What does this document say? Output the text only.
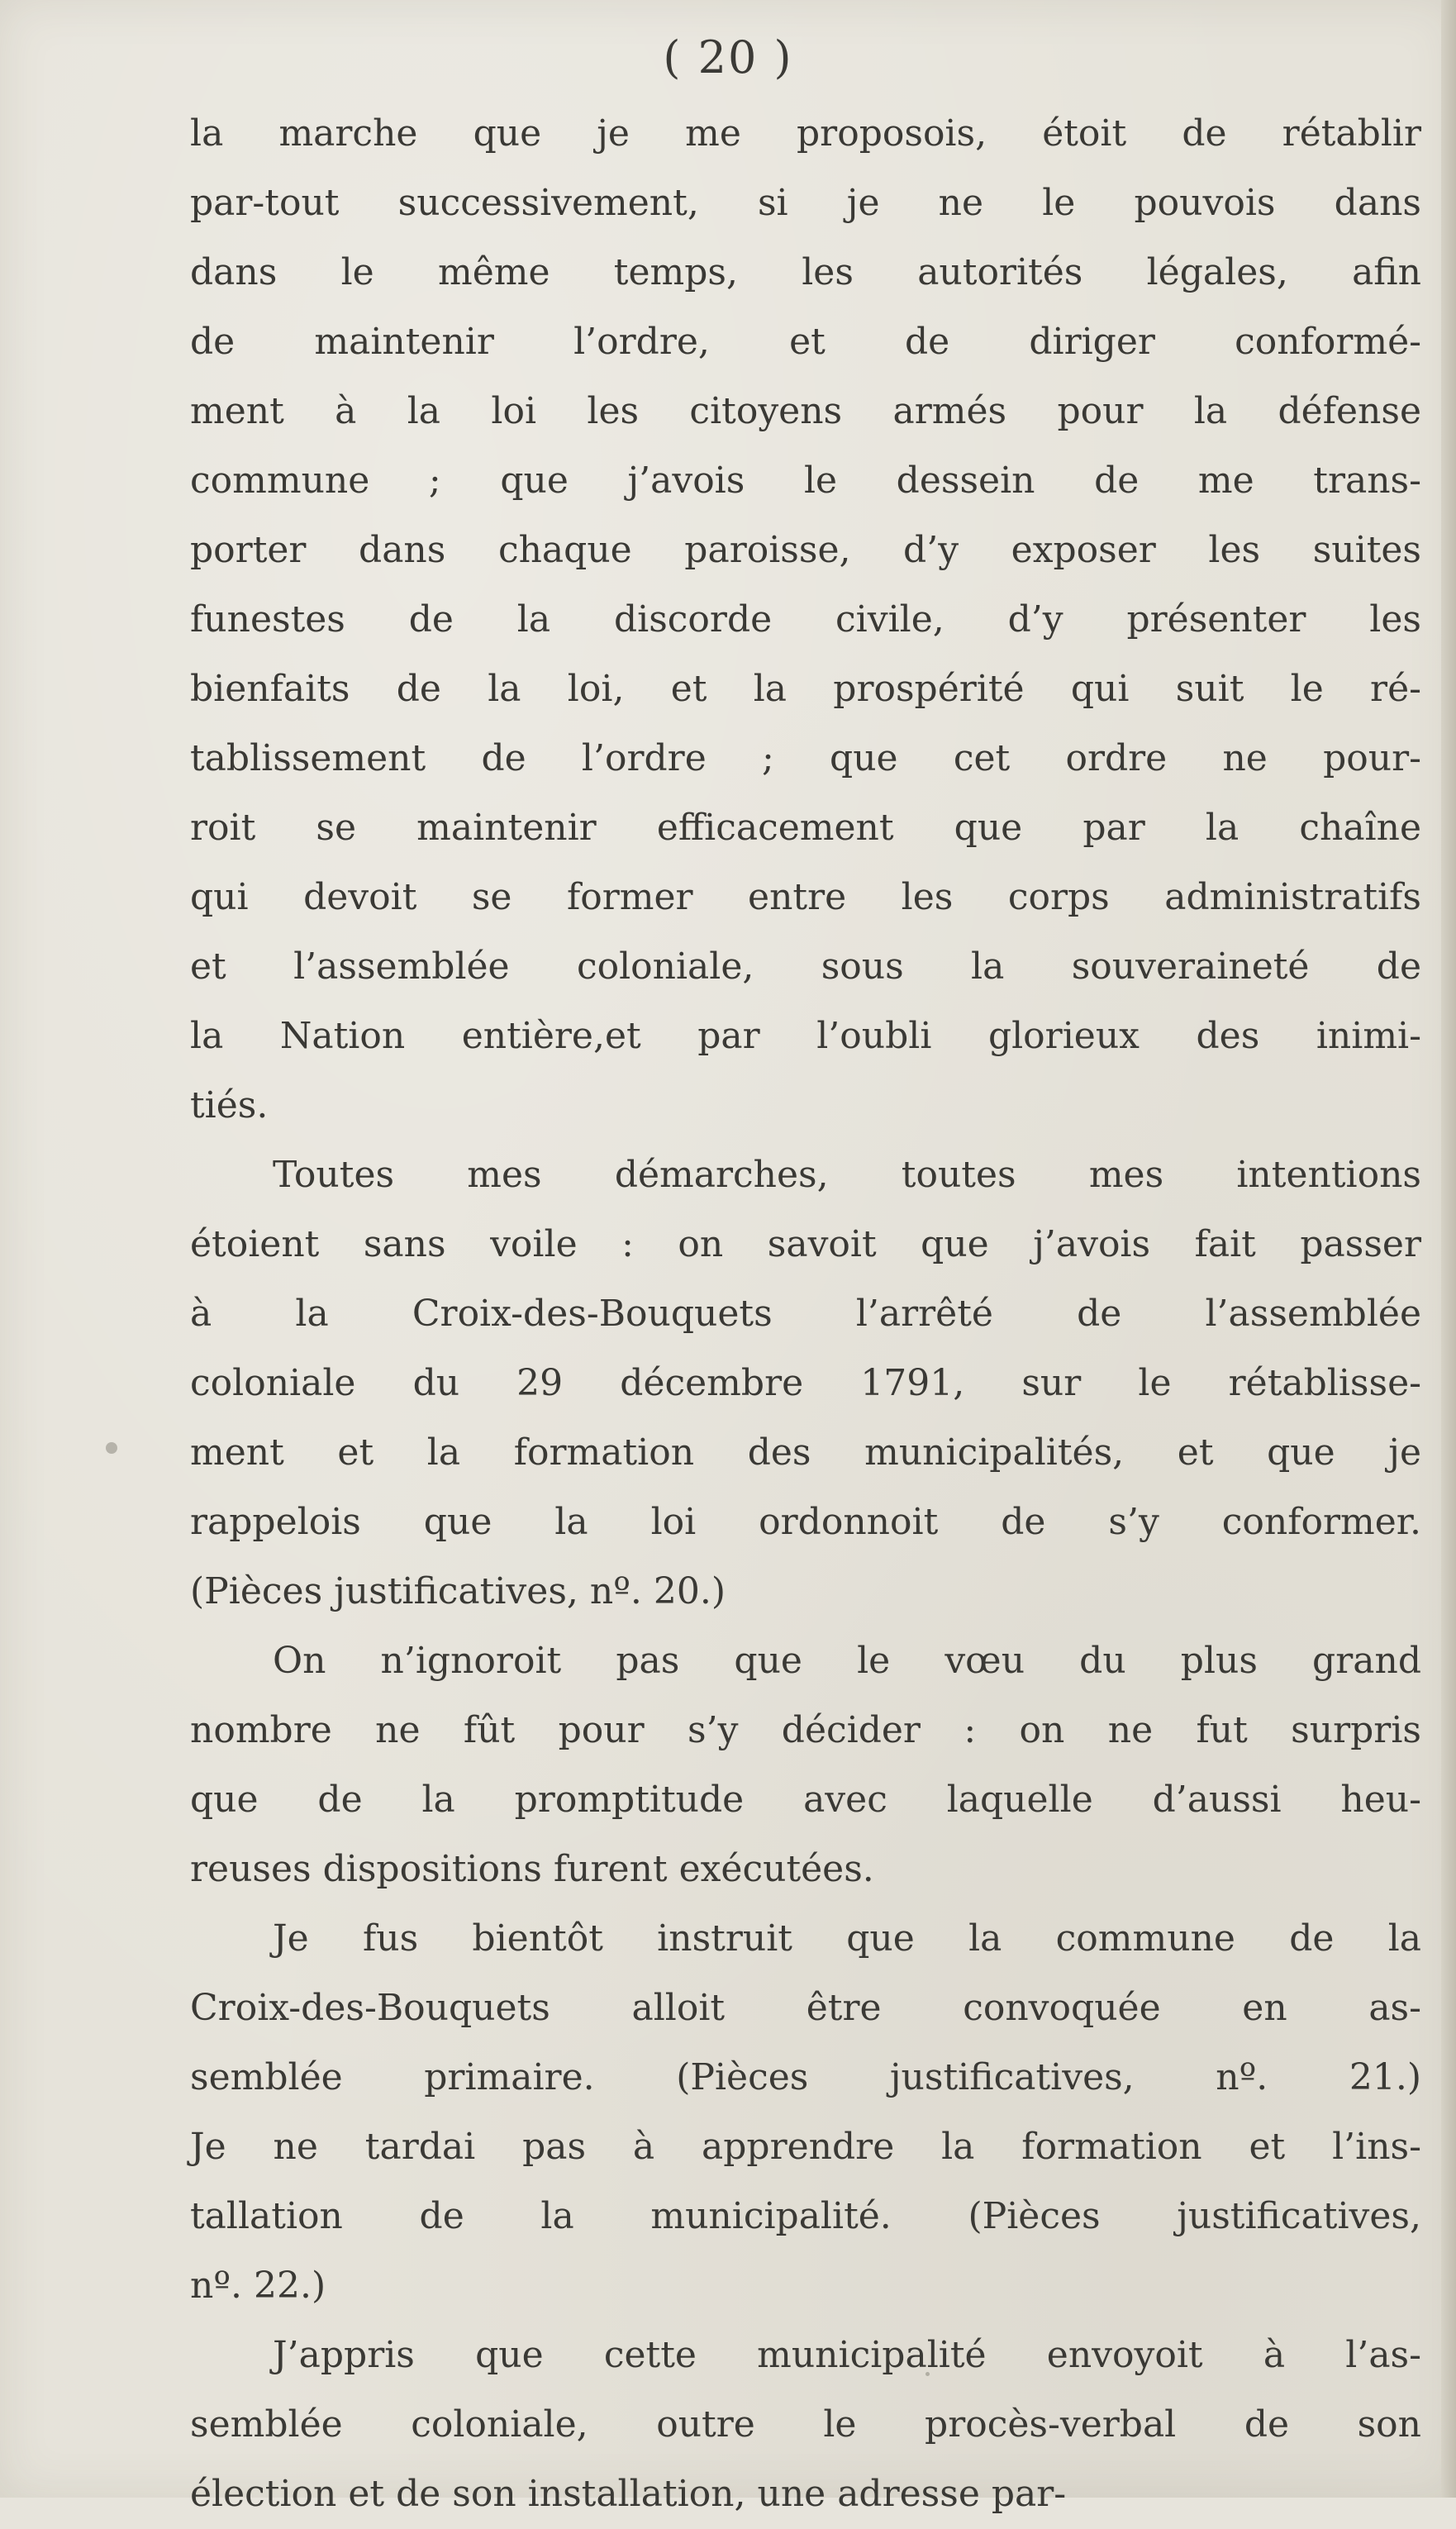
( 20 )
la marche que je me proposois, étoit de rétablir
par-tout successivement, si je ne le pouvois dans
dans le même temps, les autorités légales, afin
de maintenir l’ordre, et de diriger conformé-
ment à la loi les citoyens armés pour la défense
commune ; que j’avois le dessein de me trans-
porter dans chaque paroisse, d’y exposer les suites
funestes de la discorde civile, d’y présenter les
bienfaits de la loi, et la prospérité qui suit le ré-
tablissement de l’ordre ; que cet ordre ne pour-
roit se maintenir efficacement que par la chaîne
qui devoit se former entre les corps administratifs
et l’assemblée coloniale, sous la souveraineté de
la Nation entière,et par l’oubli glorieux des inimi-
tiés.
Toutes mes démarches, toutes mes intentions
étoient sans voile : on savoit que j’avois fait passer
à la Croix-des-Bouquets l’arrêté de l’assemblée
coloniale du 29 décembre 1791, sur le rétablisse-
ment et la formation des municipalités, et que je
rappelois que la loi ordonnoit de s’y conformer.
(Pièces justificatives, nº. 20.)
On n’ignoroit pas que le vœu du plus grand
nombre ne fût pour s’y décider : on ne fut surpris
que de la promptitude avec laquelle d’aussi heu-
reuses dispositions furent exécutées.
Je fus bientôt instruit que la commune de la
Croix-des-Bouquets alloit être convoquée en as-
semblée primaire. (Pièces justificatives, nº. 21.)
Je ne tardai pas à apprendre la formation et l’ins-
tallation de la municipalité. (Pièces justificatives,
nº. 22.)
J’appris que cette municipalité envoyoit à l’as-
semblée coloniale, outre le procès-verbal de son
élection et de son installation, une adresse par-
